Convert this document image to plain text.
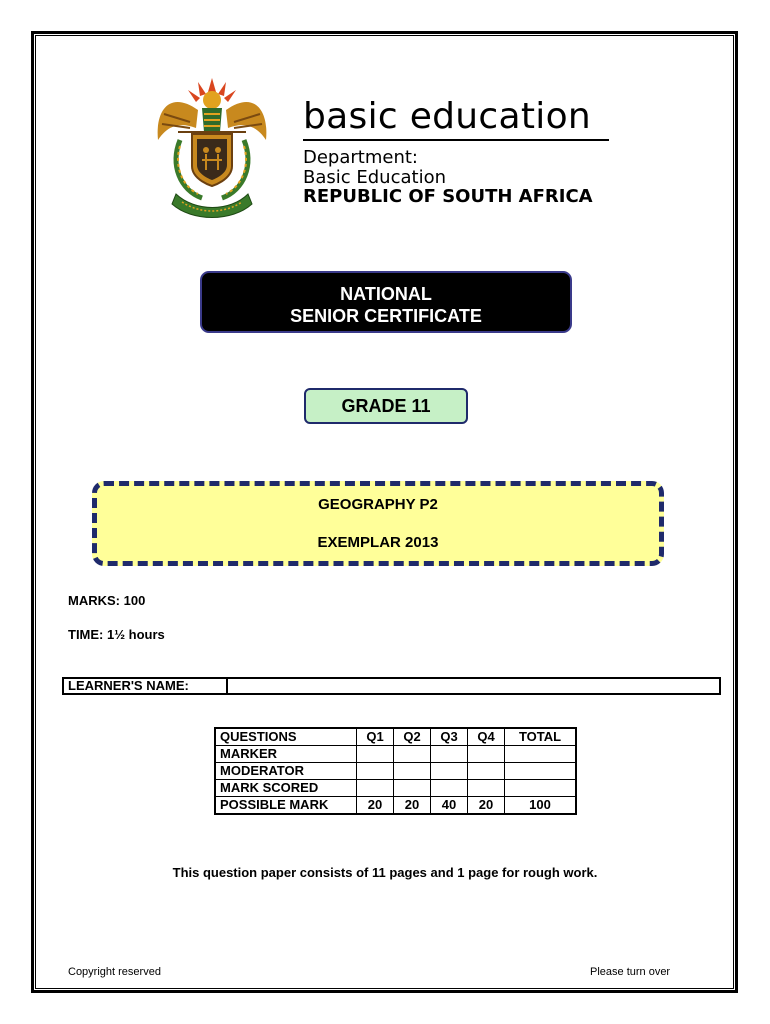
basic education
Department:
Basic Education
REPUBLIC OF SOUTH AFRICA
NATIONAL
SENIOR CERTIFICATE
GRADE 11
GEOGRAPHY P2
EXEMPLAR 2013
MARKS: 100
TIME: 1½ hours
LEARNER'S NAME:
QUESTIONS	Q1	Q2	Q3	Q4	TOTAL
MARKER					
MODERATOR					
MARK SCORED					
POSSIBLE MARK	20	20	40	20	100
This question paper consists of 11 pages and 1 page for rough work.
Copyright reserved	Please turn over
